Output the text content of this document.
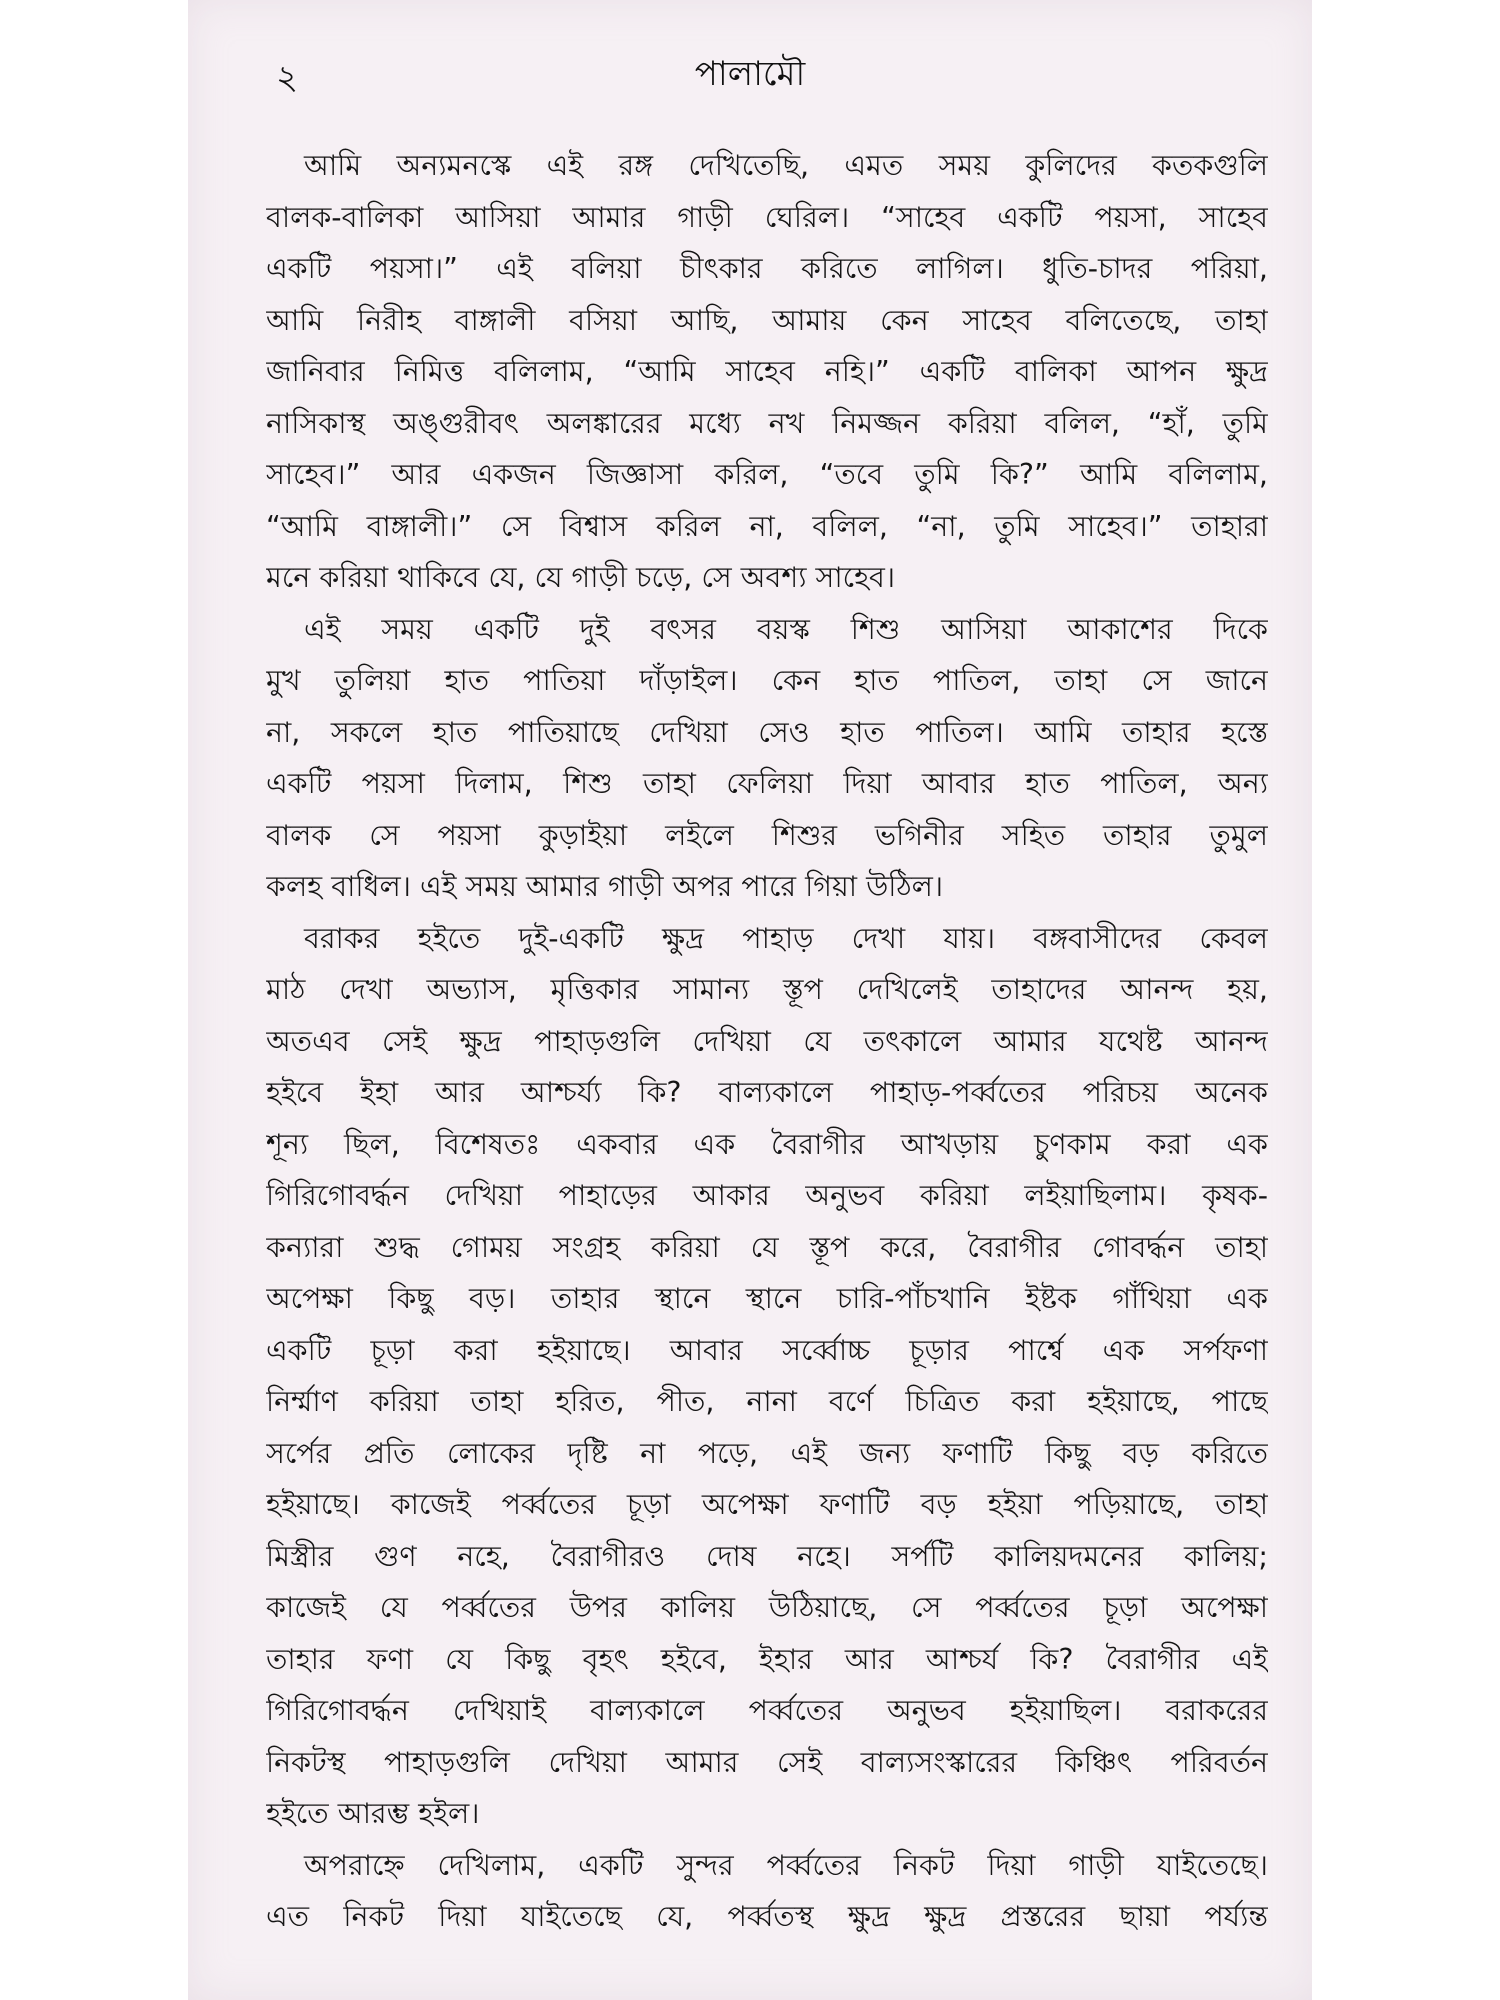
২	পালামৌ
আমি অন্যমনস্কে এই রঙ্গ দেখিতেছি, এমত সময় কুলিদের কতকগুলি
বালক-বালিকা আসিয়া আমার গাড়ী ঘেরিল। “সাহেব একটি পয়সা, সাহেব
একটি পয়সা।” এই বলিয়া চীৎকার করিতে লাগিল। ধুতি-চাদর পরিয়া,
আমি নিরীহ বাঙ্গালী বসিয়া আছি, আমায় কেন সাহেব বলিতেছে, তাহা
জানিবার নিমিত্ত বলিলাম, “আমি সাহেব নহি।” একটি বালিকা আপন ক্ষুদ্র
নাসিকাস্থ অঙ্গুরীবৎ অলঙ্কারের মধ্যে নখ নিমজ্জন করিয়া বলিল, “হাঁ, তুমি
সাহেব।” আর একজন জিজ্ঞাসা করিল, “তবে তুমি কি?” আমি বলিলাম,
“আমি বাঙ্গালী।” সে বিশ্বাস করিল না, বলিল, “না, তুমি সাহেব।” তাহারা
মনে করিয়া থাকিবে যে, যে গাড়ী চড়ে, সে অবশ্য সাহেব।
এই সময় একটি দুই বৎসর বয়স্ক শিশু আসিয়া আকাশের দিকে
মুখ তুলিয়া হাত পাতিয়া দাঁড়াইল। কেন হাত পাতিল, তাহা সে জানে
না, সকলে হাত পাতিয়াছে দেখিয়া সেও হাত পাতিল। আমি তাহার হস্তে
একটি পয়সা দিলাম, শিশু তাহা ফেলিয়া দিয়া আবার হাত পাতিল, অন্য
বালক সে পয়সা কুড়াইয়া লইলে শিশুর ভগিনীর সহিত তাহার তুমুল
কলহ বাধিল। এই সময় আমার গাড়ী অপর পারে গিয়া উঠিল।
বরাকর হইতে দুই-একটি ক্ষুদ্র পাহাড় দেখা যায়। বঙ্গবাসীদের কেবল
মাঠ দেখা অভ্যাস, মৃত্তিকার সামান্য স্তূপ দেখিলেই তাহাদের আনন্দ হয়,
অতএব সেই ক্ষুদ্র পাহাড়গুলি দেখিয়া যে তৎকালে আমার যথেষ্ট আনন্দ
হইবে ইহা আর আশ্চর্য্য কি? বাল্যকালে পাহাড়-পর্ব্বতের পরিচয় অনেক
শূন্য ছিল, বিশেষতঃ একবার এক বৈরাগীর আখড়ায় চুণকাম করা এক
গিরিগোবর্দ্ধন দেখিয়া পাহাড়ের আকার অনুভব করিয়া লইয়াছিলাম। কৃষক-
কন্যারা শুদ্ধ গোময় সংগ্রহ করিয়া যে স্তূপ করে, বৈরাগীর গোবর্দ্ধন তাহা
অপেক্ষা কিছু বড়। তাহার স্থানে স্থানে চারি-পাঁচখানি ইষ্টক গাঁথিয়া এক
একটি চূড়া করা হইয়াছে। আবার সর্ব্বোচ্চ চূড়ার পার্শ্বে এক সর্পফণা
নির্ম্মাণ করিয়া তাহা হরিত, পীত, নানা বর্ণে চিত্রিত করা হইয়াছে, পাছে
সর্পের প্রতি লোকের দৃষ্টি না পড়ে, এই জন্য ফণাটি কিছু বড় করিতে
হইয়াছে। কাজেই পর্ব্বতের চূড়া অপেক্ষা ফণাটি বড় হইয়া পড়িয়াছে, তাহা
মিস্ত্রীর গুণ নহে, বৈরাগীরও দোষ নহে। সর্পটি কালিয়দমনের কালিয়;
কাজেই যে পর্ব্বতের উপর কালিয় উঠিয়াছে, সে পর্ব্বতের চূড়া অপেক্ষা
তাহার ফণা যে কিছু বৃহৎ হইবে, ইহার আর আশ্চর্য কি? বৈরাগীর এই
গিরিগোবর্দ্ধন দেখিয়াই বাল্যকালে পর্ব্বতের অনুভব হইয়াছিল। বরাকরের
নিকটস্থ পাহাড়গুলি দেখিয়া আমার সেই বাল্যসংস্কারের কিঞ্চিৎ পরিবর্তন
হইতে আরম্ভ হইল।
অপরাহ্নে দেখিলাম, একটি সুন্দর পর্ব্বতের নিকট দিয়া গাড়ী যাইতেছে।
এত নিকট দিয়া যাইতেছে যে, পর্ব্বতস্থ ক্ষুদ্র ক্ষুদ্র প্রস্তরের ছায়া পর্য্যন্ত
